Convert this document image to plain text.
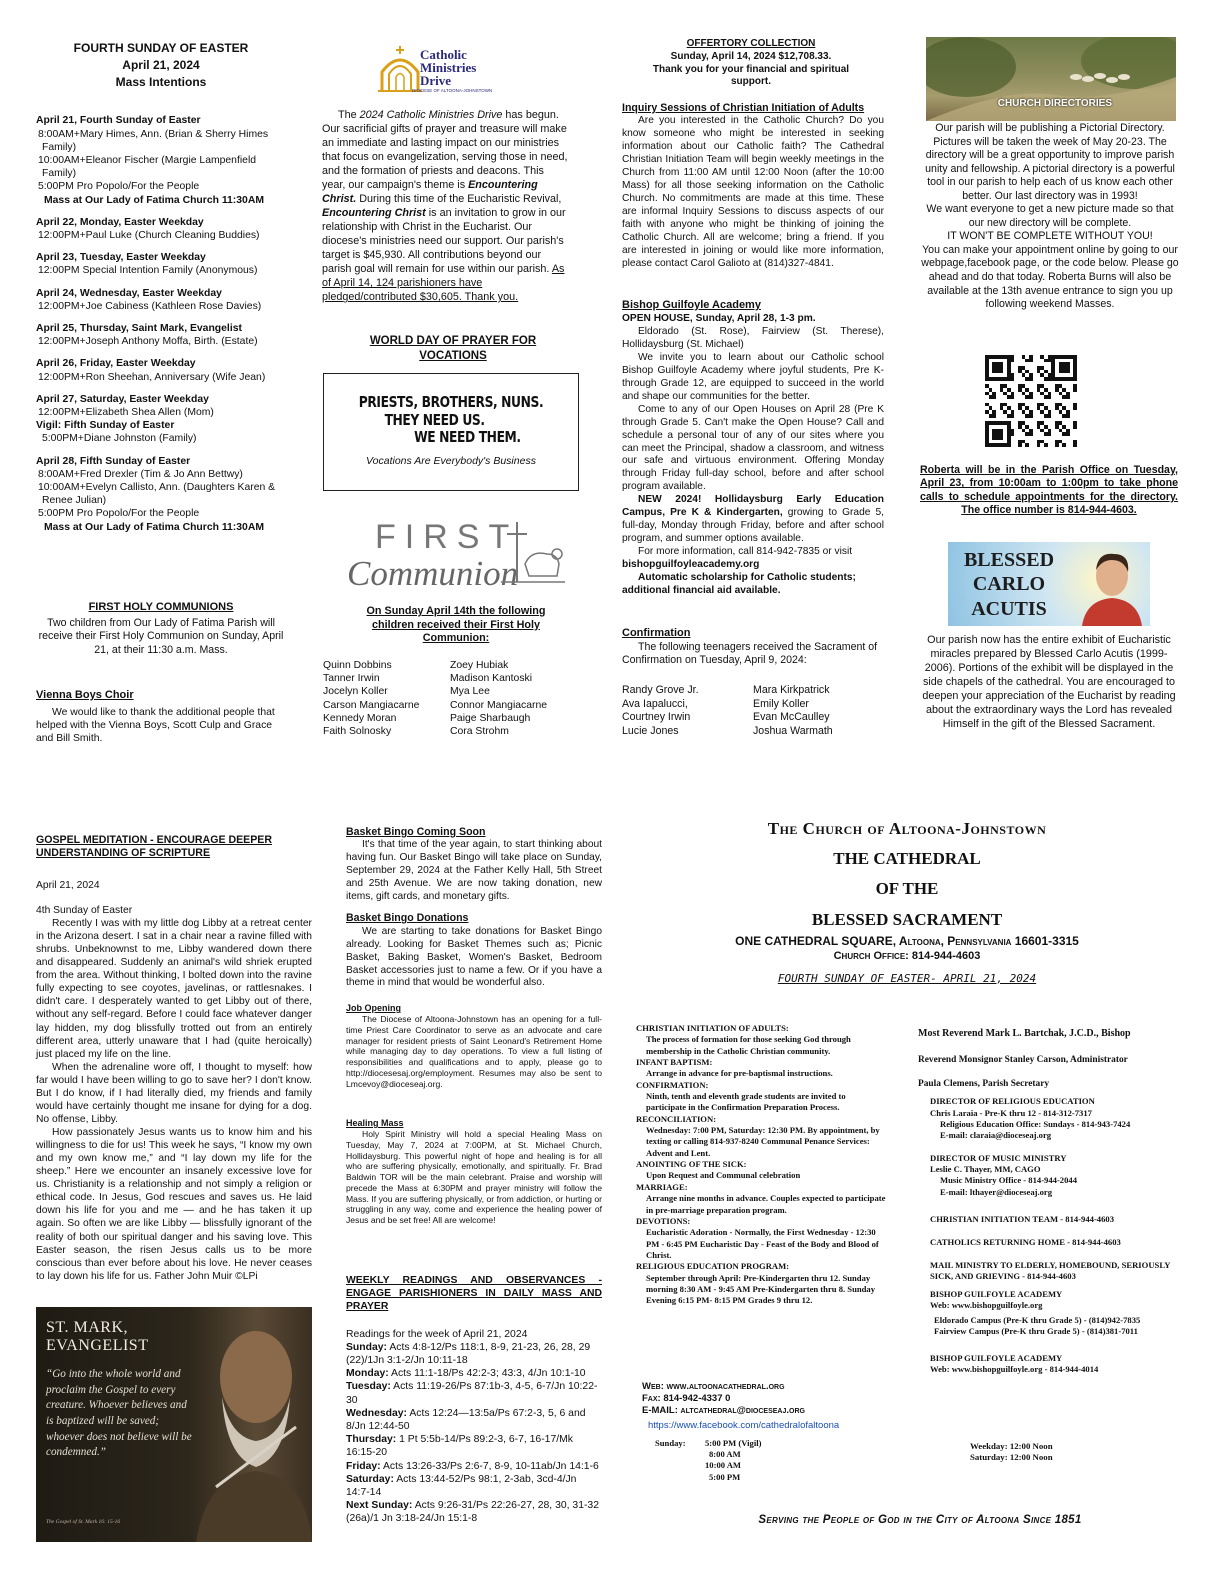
FOURTH SUNDAY OF EASTER
April 21, 2024
Mass Intentions
April 21, Fourth Sunday of Easter
8:00AM+Mary Himes, Ann. (Brian & Sherry Himes Family)
10:00AM+Eleanor Fischer (Margie Lampenfield Family)
5:00PM Pro Popolo/For the People
Mass at Our Lady of Fatima Church 11:30AM
April 22, Monday, Easter Weekday
12:00PM+Paul Luke (Church Cleaning Buddies)
April 23, Tuesday, Easter Weekday
12:00PM Special Intention Family (Anonymous)
April 24, Wednesday, Easter Weekday
12:00PM+Joe Cabiness (Kathleen Rose Davies)
April 25, Thursday, Saint Mark, Evangelist
12:00PM+Joseph Anthony Moffa, Birth. (Estate)
April 26, Friday, Easter Weekday
12:00PM+Ron Sheehan, Anniversary (Wife Jean)
April 27, Saturday, Easter Weekday
12:00PM+Elizabeth Shea Allen (Mom)
Vigil: Fifth Sunday of Easter
5:00PM+Diane Johnston (Family)
April 28, Fifth Sunday of Easter
8:00AM+Fred Drexler (Tim & Jo Ann Bettwy)
10:00AM+Evelyn Callisto, Ann. (Daughters Karen & Renee Julian)
5:00PM Pro Popolo/For the People
Mass at Our Lady of Fatima Church 11:30AM
FIRST HOLY COMMUNIONS

Two children from Our Lady of Fatima Parish will receive their First Holy Communion on Sunday, April 21, at their 11:30 a.m. Mass.

Vienna Boys Choir

We would like to thank the additional people that helped with the Vienna Boys, Scott Culp and Grace and Bill Smith.

Catholic
Ministries
Drive
DIOCESE OF ALTOONA-JOHNSTOWN

The 2024 Catholic Ministries Drive has begun. Our sacrificial gifts of prayer and treasure will make an immediate and lasting impact on our ministries that focus on evangelization, serving those in need, and the formation of priests and deacons. This year, our campaign's theme is Encountering Christ. During this time of the Eucharistic Revival, Encountering Christ is an invitation to grow in our relationship with Christ in the Eucharist. Our diocese's ministries need our support. Our parish's target is $45,930. All contributions beyond our parish goal will remain for use within our parish. As of April 14, 124 parishioners have pledged/contributed $30,605. Thank you.

WORLD DAY OF PRAYER FOR VOCATIONS
PRIESTS, BROTHERS, NUNS.
THEY NEED US.
WE NEED THEM.
Vocations Are Everybody's Business
FIRST
Communion
On Sunday April 14th the following children received their First Holy Communion:
Quinn Dobbins
Tanner Irwin
Jocelyn Koller
Carson Mangiacarne
Kennedy Moran
Faith Solnosky
Zoey Hubiak
Madison Kantoski
Mya Lee
Connor Mangiacarne
Paige Sharbaugh
Cora Strohm
OFFERTORY COLLECTION
Sunday, April 14, 2024 $12,708.33.
Thank you for your financial and spiritual support.
Inquiry Sessions of Christian Initiation of Adults

Are you interested in the Catholic Church? Do you know someone who might be interested in seeking information about our Catholic faith? The Cathedral Christian Initiation Team will begin weekly meetings in the Church from 11:00 AM until 12:00 Noon (after the 10:00 Mass) for all those seeking information on the Catholic Church. No commitments are made at this time. These are informal Inquiry Sessions to discuss aspects of our faith with anyone who might be thinking of joining the Catholic Church. All are welcome; bring a friend. If you are interested in joining or would like more information, please contact Carol Galioto at (814)327-4841.

Bishop Guilfoyle Academy
OPEN HOUSE, Sunday, April 28, 1-3 pm.

Eldorado (St. Rose), Fairview (St. Therese), Hollidaysburg (St. Michael)

We invite you to learn about our Catholic school Bishop Guilfoyle Academy where joyful students, Pre K-through Grade 12, are equipped to succeed in the world and shape our communities for the better.

Come to any of our Open Houses on April 28 (Pre K through Grade 5. Can't make the Open House? Call and schedule a personal tour of any of our sites where you can meet the Principal, shadow a classroom, and witness our safe and virtuous environment. Offering Monday through Friday full-day school, before and after school program available.

NEW 2024! Hollidaysburg Early Education Campus, Pre K & Kindergarten, growing to Grade 5, full-day, Monday through Friday, before and after school program, and summer options available.

For more information, call 814-942-7835 or visit

bishopguilfoyleacademy.org

Automatic scholarship for Catholic students; additional financial aid available.

Confirmation

The following teenagers received the Sacrament of Confirmation on Tuesday, April 9, 2024:

Randy Grove Jr.
Ava Iapalucci,
Courtney Irwin
Lucie Jones
Mara Kirkpatrick
Emily Koller
Evan McCaulley
Joshua Warmath
CHURCH DIRECTORIES

Our parish will be publishing a Pictorial Directory. Pictures will be taken the week of May 20-23. The directory will be a great opportunity to improve parish unity and fellowship. A pictorial directory is a powerful tool in our parish to help each of us know each other better. Our last directory was in 1993!

We want everyone to get a new picture made so that our new directory will be complete.

IT WON'T BE COMPLETE WITHOUT YOU!

You can make your appointment online by going to our webpage,facebook page, or the code below. Please go ahead and do that today. Roberta Burns will also be available at the 13th avenue entrance to sign you up following weekend Masses.

Roberta will be in the Parish Office on Tuesday, April 23, from 10:00am to 1:00pm to take phone calls to schedule appointments for the directory. The office number is 814-944-4603.
BLESSED
CARLO
ACUTIS
Our parish now has the entire exhibit of Eucharistic miracles prepared by Blessed Carlo Acutis (1999-2006). Portions of the exhibit will be displayed in the side chapels of the cathedral. You are encouraged to deepen your appreciation of the Eucharist by reading about the extraordinary ways the Lord has revealed Himself in the gift of the Blessed Sacrament.
GOSPEL MEDITATION - ENCOURAGE DEEPER UNDERSTANDING OF SCRIPTURE

April 21, 2024

4th Sunday of Easter

Recently I was with my little dog Libby at a retreat center in the Arizona desert. I sat in a chair near a ravine filled with shrubs. Unbeknownst to me, Libby wandered down there and disappeared. Suddenly an animal's wild shriek erupted from the area. Without thinking, I bolted down into the ravine fully expecting to see coyotes, javelinas, or rattlesnakes. I didn't care. I desperately wanted to get Libby out of there, without any self-regard. Before I could face whatever danger lay hidden, my dog blissfully trotted out from an entirely different area, utterly unaware that I had (quite heroically) just placed my life on the line.

When the adrenaline wore off, I thought to myself: how far would I have been willing to go to save her? I don't know. But I do know, if I had literally died, my friends and family would have certainly thought me insane for dying for a dog. No offense, Libby.

How passionately Jesus wants us to know him and his willingness to die for us! This week he says, “I know my own and my own know me,” and “I lay down my life for the sheep.” Here we encounter an insanely excessive love for us. Christianity is a relationship and not simply a religion or ethical code. In Jesus, God rescues and saves us. He laid down his life for you and me — and he has taken it up again. So often we are like Libby — blissfully ignorant of the reality of both our spiritual danger and his saving love. This Easter season, the risen Jesus calls us to be more conscious than ever before about his love. He never ceases to lay down his life for us. Father John Muir ©LPi

ST. MARK,
EVANGELIST
“Go into the whole world and proclaim the Gospel to every creature. Whoever believes and is baptized will be saved; whoever does not believe will be condemned.”
The Gospel of St. Mark 16: 15-16
Basket Bingo Coming Soon

It's that time of the year again, to start thinking about having fun. Our Basket Bingo will take place on Sunday, September 29, 2024 at the Father Kelly Hall, 5th Street and 25th Avenue. We are now taking donation, new items, gift cards, and monetary gifts.

Basket Bingo Donations

We are starting to take donations for Basket Bingo already. Looking for Basket Themes such as; Picnic Basket, Baking Basket, Women's Basket, Bedroom Basket accessories just to name a few. Or if you have a theme in mind that would be wonderful also.

Job Opening

The Diocese of Altoona-Johnstown has an opening for a full-time Priest Care Coordinator to serve as an advocate and care manager for resident priests of Saint Leonard's Retirement Home while managing day to day operations. To view a full listing of responsibilities and qualifications and to apply, please go to http://diocesesaj.org/employment. Resumes may also be sent to Lmcevoy@dioceseaj.org.

Healing Mass

Holy Spirit Ministry will hold a special Healing Mass on Tuesday, May 7, 2024 at 7:00PM, at St. Michael Church, Hollidaysburg. This powerful night of hope and healing is for all who are suffering physically, emotionally, and spiritually. Fr. Brad Baldwin TOR will be the main celebrant. Praise and worship will precede the Mass at 6:30PM and prayer ministry will follow the Mass. If you are suffering physically, or from addiction, or hurting or struggling in any way, come and experience the healing power of Jesus and be set free! All are welcome!

WEEKLY READINGS AND OBSERVANCES - ENGAGE PARISHIONERS IN DAILY MASS AND PRAYER

Readings for the week of April 21, 2024

Sunday: Acts 4:8-12/Ps 118:1, 8-9, 21-23, 26, 28, 29 (22)/1Jn 3:1-2/Jn 10:11-18
Monday: Acts 11:1-18/Ps 42:2-3; 43:3, 4/Jn 10:1-10
Tuesday: Acts 11:19-26/Ps 87:1b-3, 4-5, 6-7/Jn 10:22-30
Wednesday: Acts 12:24—13:5a/Ps 67:2-3, 5, 6 and 8/Jn 12:44-50
Thursday: 1 Pt 5:5b-14/Ps 89:2-3, 6-7, 16-17/Mk 16:15-20
Friday: Acts 13:26-33/Ps 2:6-7, 8-9, 10-11ab/Jn 14:1-6
Saturday: Acts 13:44-52/Ps 98:1, 2-3ab, 3cd-4/Jn 14:7-14
Next Sunday: Acts 9:26-31/Ps 22:26-27, 28, 30, 31-32 (26a)/1 Jn 3:18-24/Jn 15:1-8
The Church of Altoona-Johnstown
THE CATHEDRAL
OF THE
BLESSED SACRAMENT
ONE CATHEDRAL SQUARE, Altoona, Pennsylvania 16601-3315
Church Office: 814-944-4603
FOURTH SUNDAY OF EASTER- APRIL 21, 2024
CHRISTIAN INITIATION OF ADULTS:
The process of formation for those seeking God through membership in the Catholic Christian community.
INFANT BAPTISM:
Arrange in advance for pre-baptismal instructions.
CONFIRMATION:
Ninth, tenth and eleventh grade students are invited to participate in the Confirmation Preparation Process.
RECONCILIATION:
Wednesday: 7:00 PM, Saturday: 12:30 PM. By appointment, by texting or calling 814-937-8240 Communal Penance Services: Advent and Lent.
ANOINTING OF THE SICK:
Upon Request and Communal celebration
MARRIAGE:
Arrange nine months in advance. Couples expected to participate in pre-marriage preparation program.
DEVOTIONS:
Eucharistic Adoration - Normally, the First Wednesday - 12:30 PM - 6:45 PM Eucharistic Day - Feast of the Body and Blood of Christ.
RELIGIOUS EDUCATION PROGRAM:
September through April: Pre-Kindergarten thru 12. Sunday morning 8:30 AM - 9:45 AM Pre-Kindergarten thru 8. Sunday Evening 6:15 PM- 8:15 PM Grades 9 thru 12.
Web: www.altoonacathedral.org
Fax: 814-942-4337 0
E-MAIL: altcathedral@dioceseaj.org
https://www.facebook.com/cathedralofaltoona
Sunday:	5:00 PM (Vigil)
8:00 AM
10:00 AM
5:00 PM
Most Reverend Mark L. Bartchak, J.C.D., Bishop
Reverend Monsignor Stanley Carson, Administrator
Paula Clemens, Parish Secretary
DIRECTOR OF RELIGIOUS EDUCATION
Chris Laraia - Pre-K thru 12 - 814-312-7317
Religious Education Office: Sundays - 814-943-7424
E-mail: claraia@dioceseaj.org
DIRECTOR OF MUSIC MINISTRY
Leslie C. Thayer, MM, CAGO
Music Ministry Office - 814-944-2044
E-mail: lthayer@dioceseaj.org
CHRISTIAN INITIATION TEAM - 814-944-4603
CATHOLICS RETURNING HOME - 814-944-4603
MAIL MINISTRY TO ELDERLY, HOMEBOUND, SERIOUSLY SICK, AND GRIEVING - 814-944-4603
BISHOP GUILFOYLE ACADEMY
Web: www.bishopguilfoyle.org
Eldorado Campus (Pre-K thru Grade 5) - (814)942-7835
Fairview Campus (Pre-K thru Grade 5) - (814)381-7011
BISHOP GUILFOYLE ACADEMY
Web: www.bishopguilfoyle.org - 814-944-4014
Weekday: 12:00 Noon
Saturday: 12:00 Noon
Serving the People of God in the City of Altoona Since 1851
